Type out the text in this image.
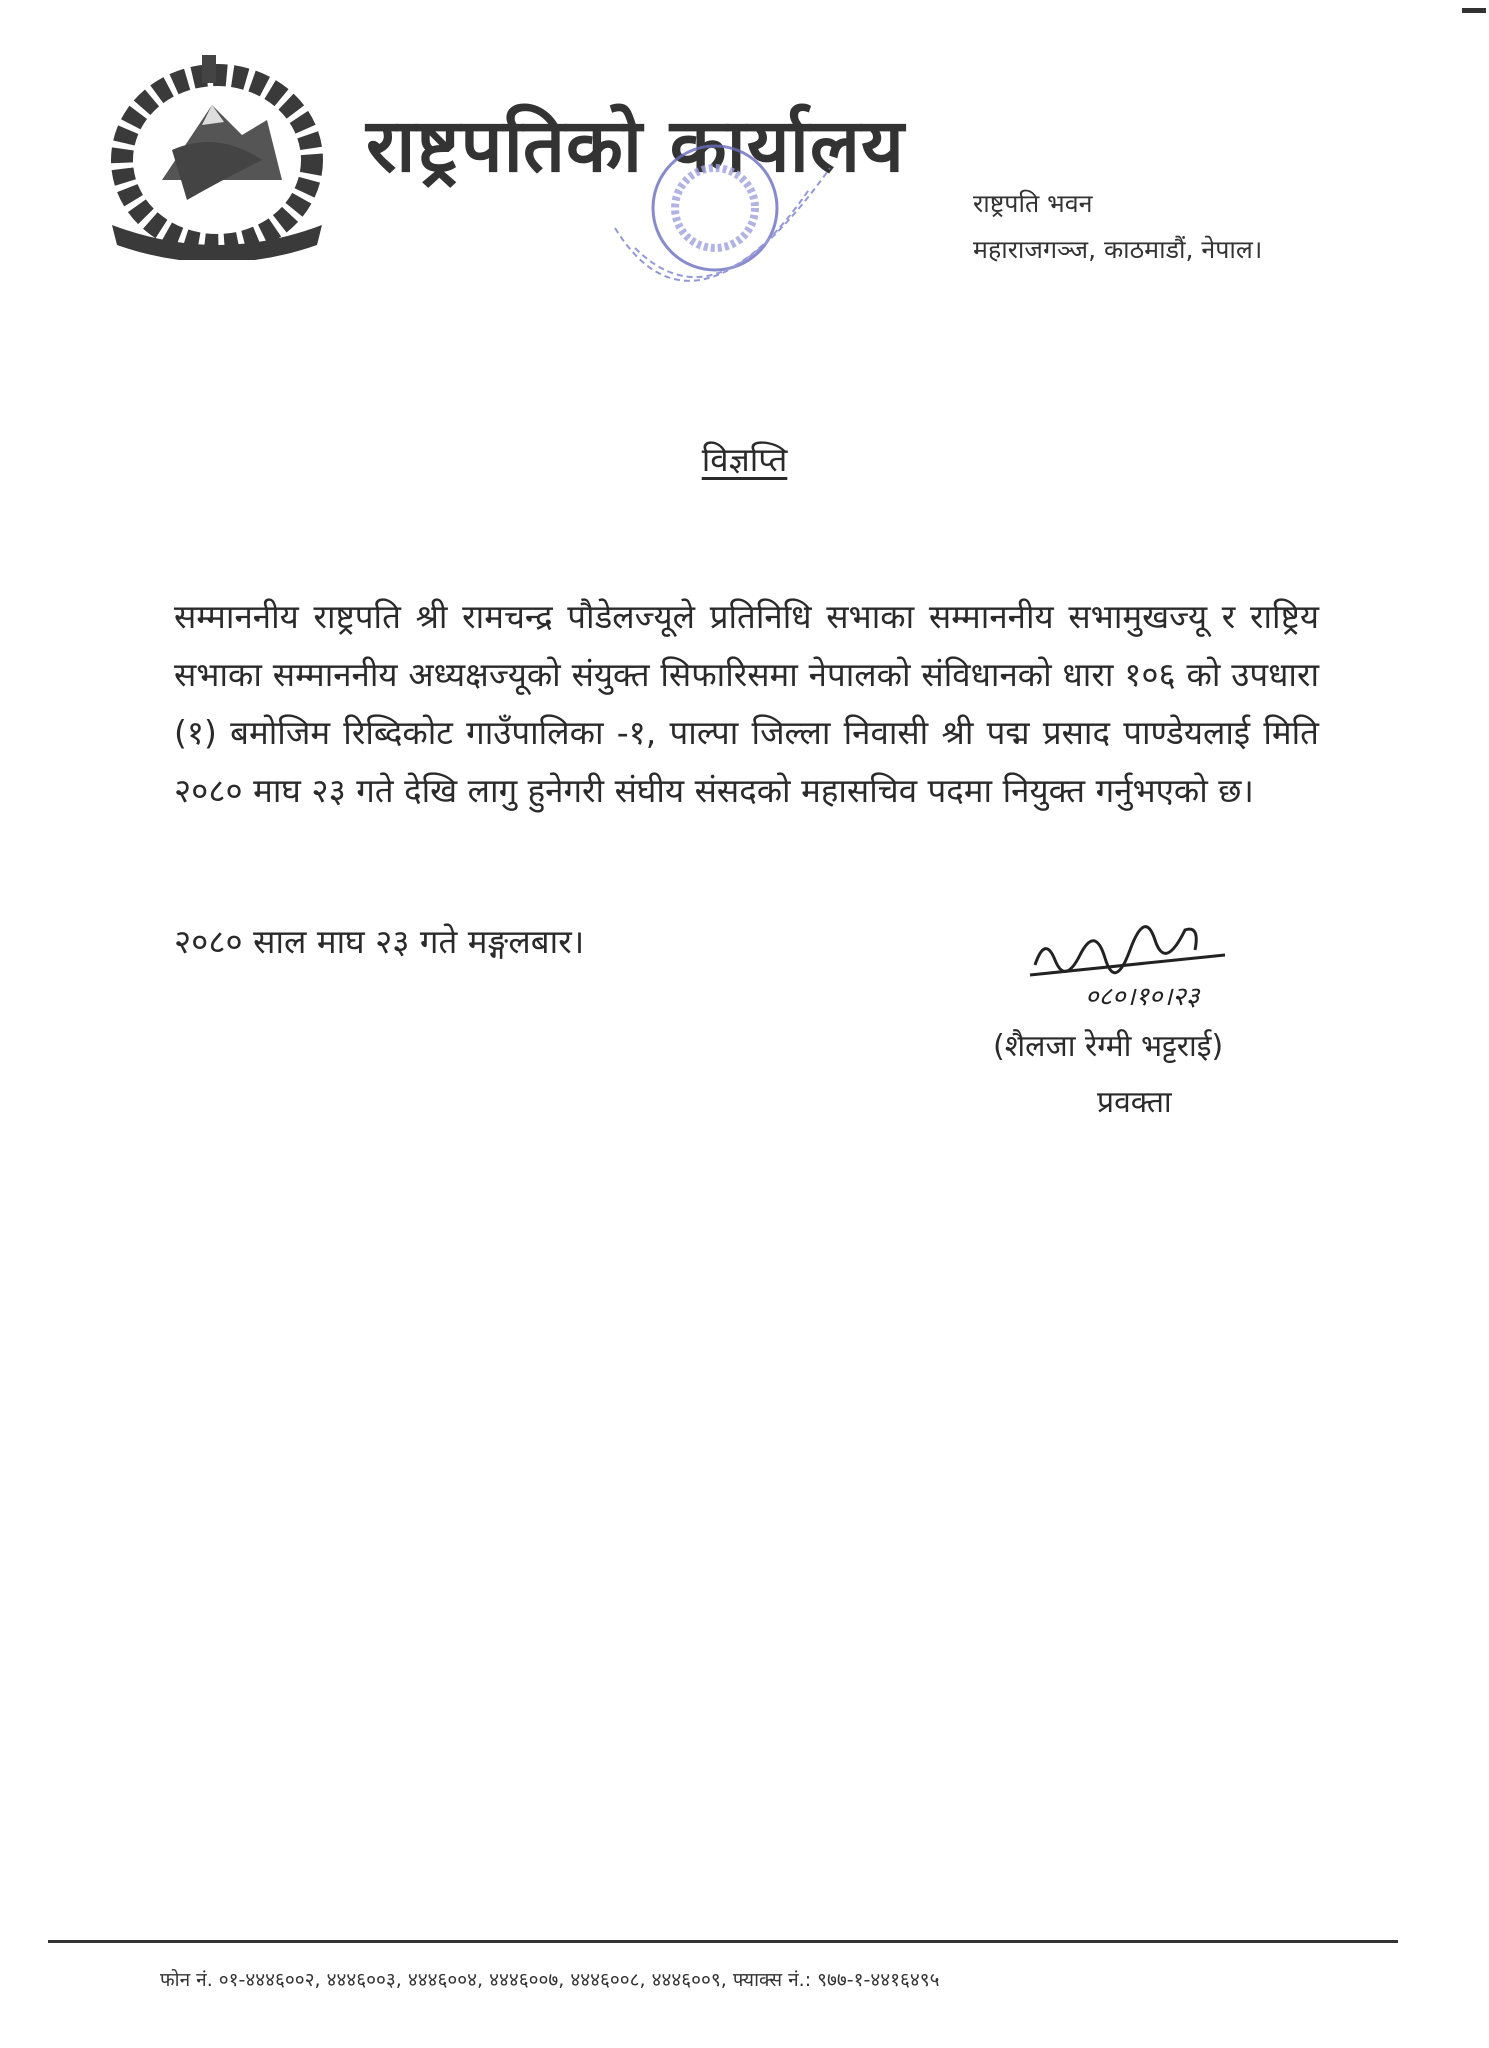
राष्ट्रपतिको कार्यालय
राष्ट्रपति भवन
महाराजगञ्ज, काठमाडौं, नेपाल।
विज्ञप्ति
सम्माननीय राष्ट्रपति श्री रामचन्द्र पौडेलज्यूले प्रतिनिधि सभाका सम्माननीय सभामुखज्यू र राष्ट्रिय सभाका सम्माननीय अध्यक्षज्यूको संयुक्त सिफारिसमा नेपालको संविधानको धारा १०६ को उपधारा (१) बमोजिम रिब्दिकोट गाउँपालिका -१, पाल्पा जिल्ला निवासी श्री पद्म प्रसाद पाण्डेयलाई मिति २०८० माघ २३ गते देखि लागु हुनेगरी संघीय संसदको महासचिव पदमा नियुक्त गर्नुभएको छ।
२०८० साल माघ २३ गते मङ्गलबार।
०८०।१०।२३
(शैलजा रेग्मी भट्टराई)
प्रवक्ता
फोन नं. ०१-४४४६००२, ४४४६००३, ४४४६००४, ४४४६००७, ४४४६००८, ४४४६००९, फ्याक्स नं.: ९७७-१-४४१६४९५
